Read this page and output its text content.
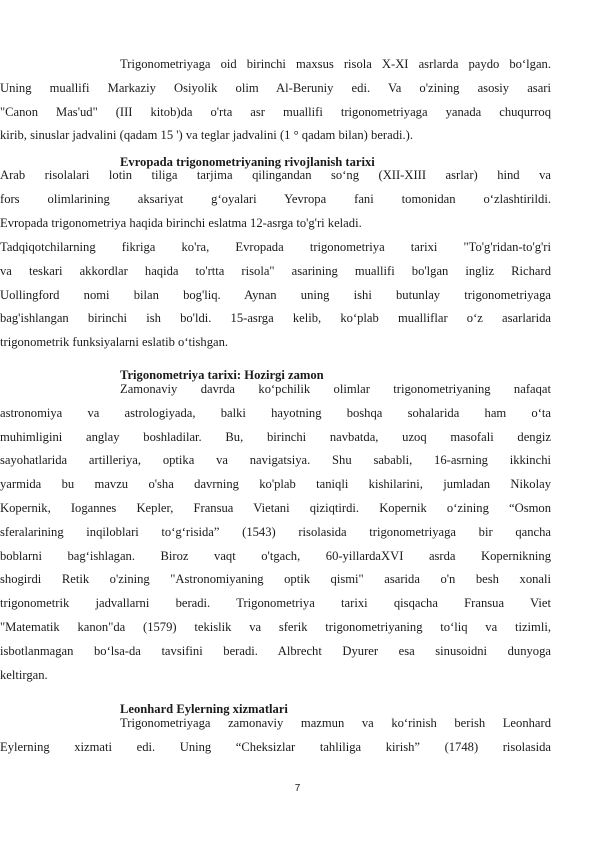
Trigonometriyaga oid birinchi maxsus risola X-XI asrlarda paydo boʻlgan.
Uning muallifi Markaziy Osiyolik olim Al-Beruniy edi. Va o'zining asosiy asari
"Canon Mas'ud" (III kitob)da o'rta asr muallifi trigonometriyaga yanada chuqurroq
kirib, sinuslar jadvalini (qadam 15 ') va teglar jadvalini (1 ° qadam bilan) beradi.).
Evropada trigonometriyaning rivojlanish tarixi
Arab risolalari lotin tiliga tarjima qilingandan soʻng (XII-XIII asrlar) hind va
fors olimlarining aksariyat gʻoyalari Yevropa fani tomonidan oʻzlashtirildi.
Evropada trigonometriya haqida birinchi eslatma 12-asrga to'g'ri keladi.
Tadqiqotchilarning fikriga ko'ra, Evropada trigonometriya tarixi "To'g'ridan-to'g'ri
va teskari akkordlar haqida to'rtta risola" asarining muallifi bo'lgan ingliz Richard
Uollingford nomi bilan bog'liq. Aynan uning ishi butunlay trigonometriyaga
bag'ishlangan birinchi ish bo'ldi. 15-asrga kelib, koʻplab mualliflar oʻz asarlarida
trigonometrik funksiyalarni eslatib oʻtishgan.
Trigonometriya tarixi: Hozirgi zamon
Zamonaviy davrda koʻpchilik olimlar trigonometriyaning nafaqat
astronomiya va astrologiyada, balki hayotning boshqa sohalarida ham oʻta
muhimligini anglay boshladilar. Bu, birinchi navbatda, uzoq masofali dengiz
sayohatlarida artilleriya, optika va navigatsiya. Shu sababli, 16-asrning ikkinchi
yarmida bu mavzu o'sha davrning ko'plab taniqli kishilarini, jumladan Nikolay
Kopernik, Iogannes Kepler, Fransua Vietani qiziqtirdi. Kopernik oʻzining “Osmon
sferalarining inqiloblari toʻgʻrisida” (1543) risolasida trigonometriyaga bir qancha
boblarni bagʻishlagan. Biroz vaqt o'tgach, 60-yillardaXVI asrda Kopernikning
shogirdi Retik o'zining "Astronomiyaning optik qismi" asarida o'n besh xonali
trigonometrik jadvallarni beradi. Trigonometriya tarixi qisqacha Fransua Viet
"Matematik kanon"da (1579) tekislik va sferik trigonometriyaning toʻliq va tizimli,
isbotlanmagan boʻlsa-da tavsifini beradi. Albrecht Dyurer esa sinusoidni dunyoga
keltirgan.
Leonhard Eylerning xizmatlari
Trigonometriyaga zamonaviy mazmun va koʻrinish berish Leonhard
Eylerning xizmati edi. Uning “Cheksizlar tahliliga kirish” (1748) risolasida
7
